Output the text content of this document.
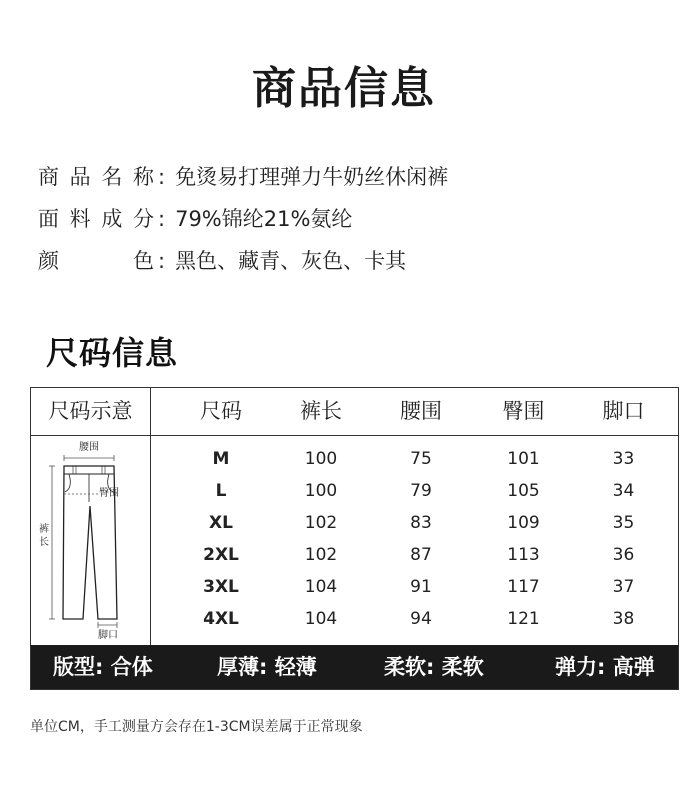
商品信息
商 品 名 称 : 免烫易打理弹力牛奶丝休闲裤
面 料 成 分 : 79%锦纶21%氨纶
颜	色 : 黑色、藏青、灰色、卡其
尺码信息
尺码示意	尺码	裤长	腰围	臀围	脚口
腰围
裤
长
臀围
脚口
M	100	75	101	33
L	100	79	105	34
XL	102	83	109	35
2XL	102	87	113	36
3XL	104	91	117	37
4XL	104	94	121	38
版型: 合体	厚薄: 轻薄	柔软: 柔软	弹力: 高弹
单位CM，手工测量方会存在1-3CM误差属于正常现象
